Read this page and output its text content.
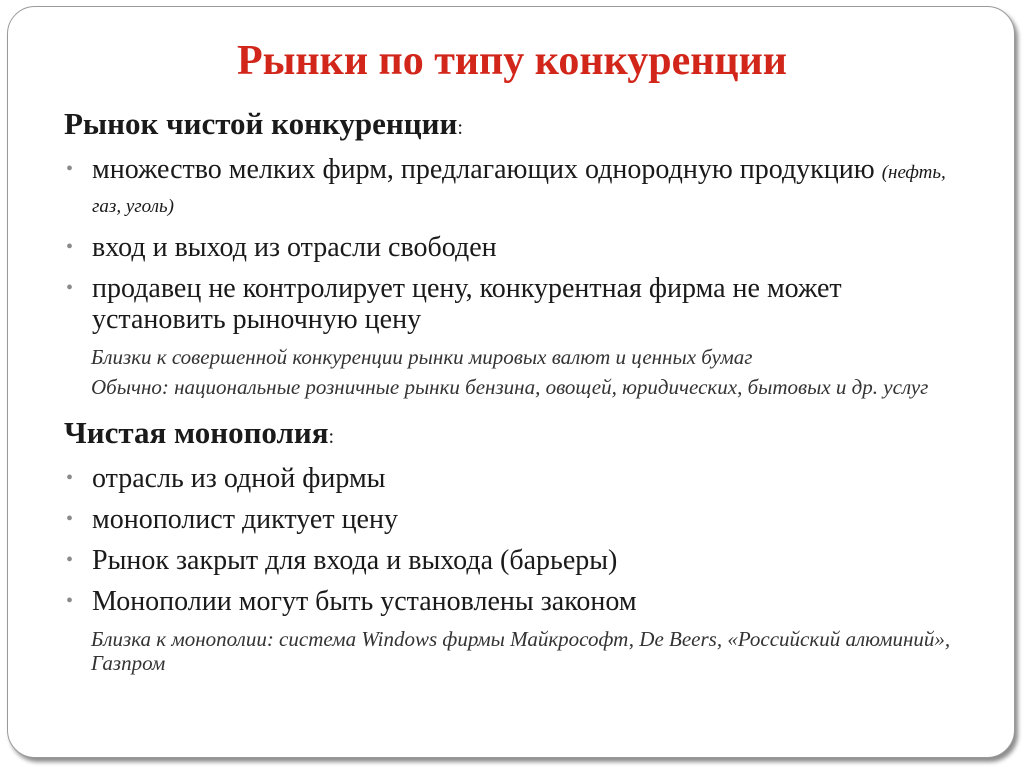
Рынки по типу конкуренции

Рынок чистой конкуренции:

• множество мелких фирм, предлагающих однородную продукцию (нефть, газ, уголь)
• вход и выход из отрасли свободен
• продавец не контролирует цену, конкурентная фирма не может установить рыночную цену

Близки к совершенной конкуренции рынки мировых валют и ценных бумаг

Обычно: национальные розничные рынки бензина, овощей, юридических, бытовых и др. услуг

Чистая монополия:

• отрасль из одной фирмы
• монополист диктует цену
• Рынок закрыт для входа и выхода (барьеры)
• Монополии могут быть установлены законом

Близка к монополии: система Windows фирмы Майкрософт, De Beers, «Российский алюминий», Газпром
